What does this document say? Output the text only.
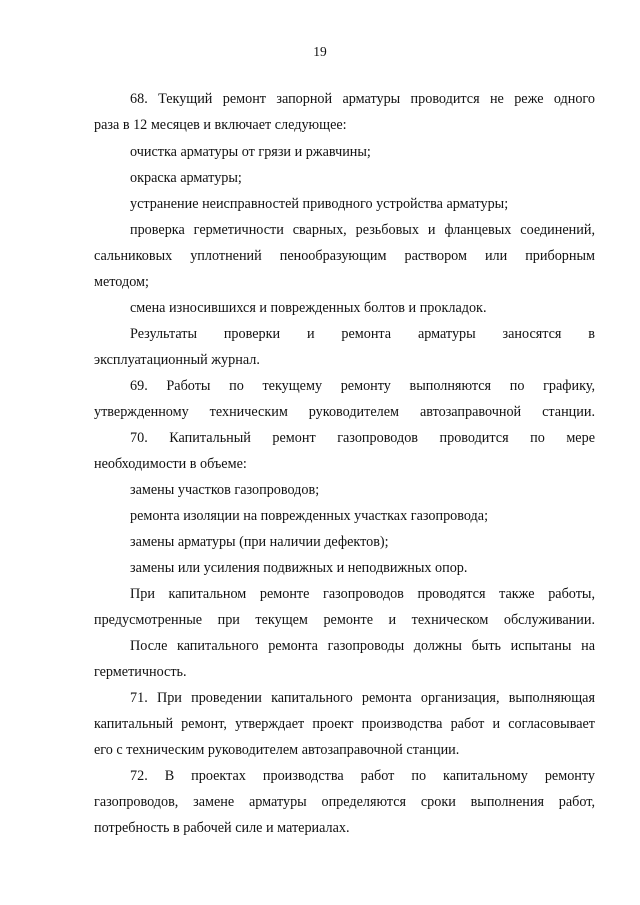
19
68. Текущий ремонт запорной арматуры проводится не реже одного
раза в 12 месяцев и включает следующее:
очистка арматуры от грязи и ржавчины;
окраска арматуры;
устранение неисправностей приводного устройства арматуры;
проверка герметичности сварных, резьбовых и фланцевых соединений,
сальниковых уплотнений пенообразующим раствором или приборным
методом;
смена износившихся и поврежденных болтов и прокладок.
Результаты проверки и ремонта арматуры заносятся в
эксплуатационный журнал.
69. Работы по текущему ремонту выполняются по графику,
утвержденному техническим руководителем автозаправочной станции.
70. Капитальный ремонт газопроводов проводится по мере
необходимости в объеме:
замены участков газопроводов;
ремонта изоляции на поврежденных участках газопровода;
замены арматуры (при наличии дефектов);
замены или усиления подвижных и неподвижных опор.
При капитальном ремонте газопроводов проводятся также работы,
предусмотренные при текущем ремонте и техническом обслуживании.
После капитального ремонта газопроводы должны быть испытаны на
герметичность.
71. При проведении капитального ремонта организация, выполняющая
капитальный ремонт, утверждает проект производства работ и согласовывает
его с техническим руководителем автозаправочной станции.
72. В проектах производства работ по капитальному ремонту
газопроводов, замене арматуры определяются сроки выполнения работ,
потребность в рабочей силе и материалах.
